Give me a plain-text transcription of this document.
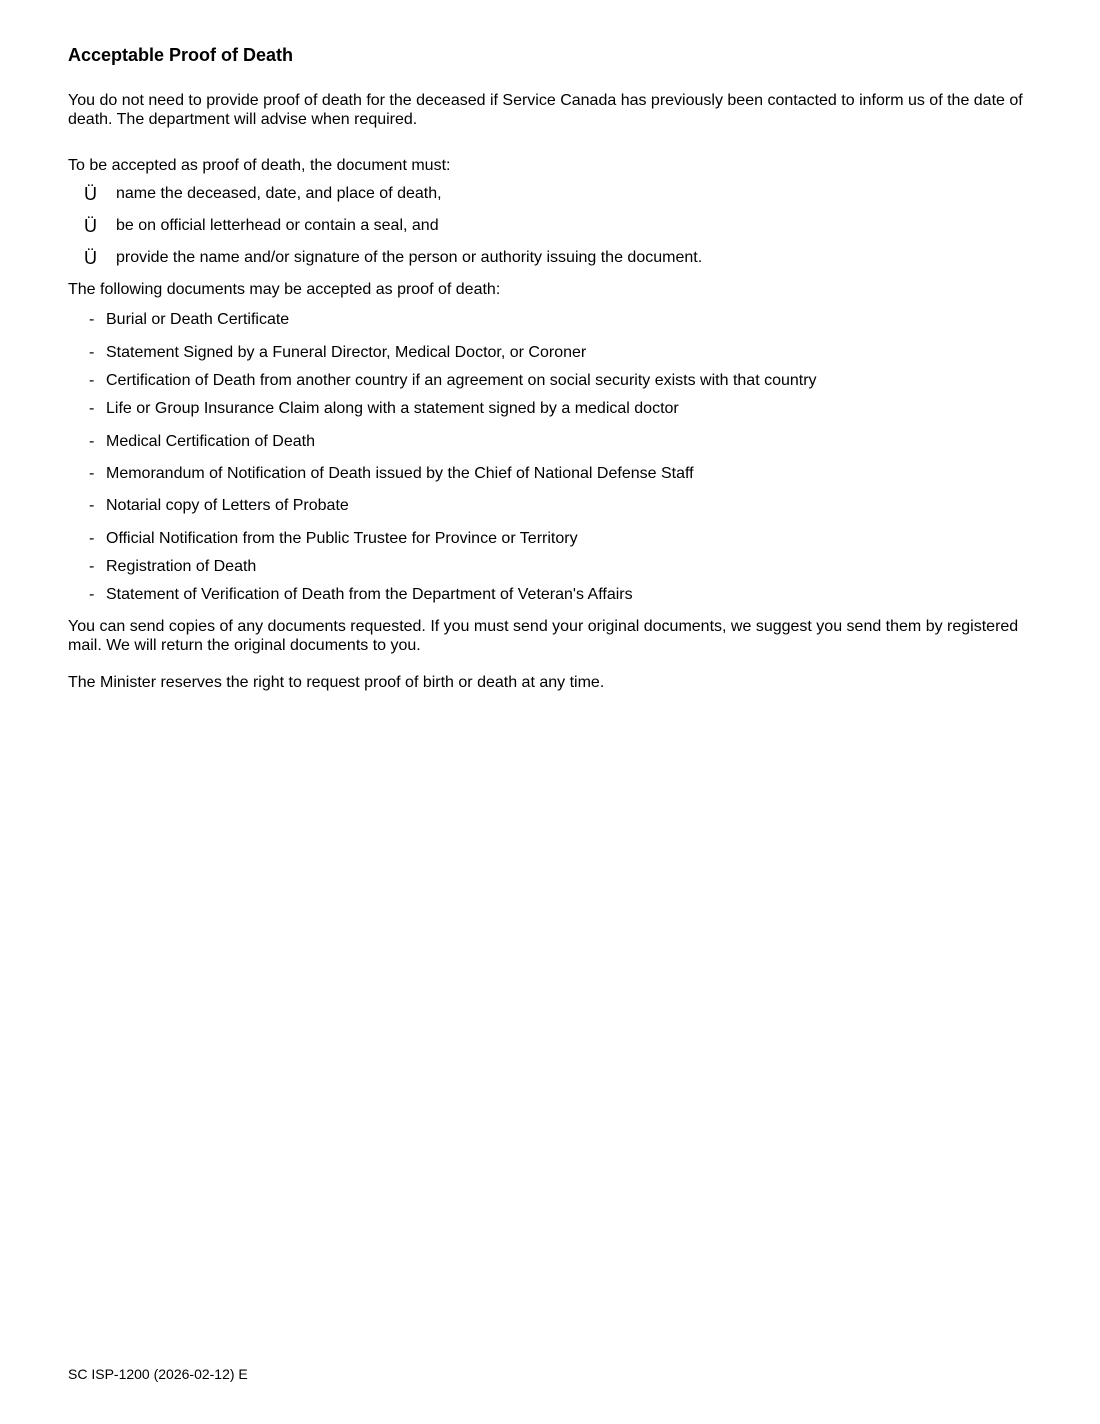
Acceptable Proof of Death

You do not need to provide proof of death for the deceased if Service Canada has previously been contacted to inform us of the date of death. The department will advise when required.

To be accepted as proof of death, the document must:

Ü name the deceased, date, and place of death,
Ü be on official letterhead or contain a seal, and
Ü provide the name and/or signature of the person or authority issuing the document.

The following documents may be accepted as proof of death:

- Burial or Death Certificate
- Statement Signed by a Funeral Director, Medical Doctor, or Coroner
- Certification of Death from another country if an agreement on social security exists with that country
- Life or Group Insurance Claim along with a statement signed by a medical doctor
- Medical Certification of Death
- Memorandum of Notification of Death issued by the Chief of National Defense Staff
- Notarial copy of Letters of Probate
- Official Notification from the Public Trustee for Province or Territory
- Registration of Death
- Statement of Verification of Death from the Department of Veteran's Affairs

You can send copies of any documents requested. If you must send your original documents, we suggest you send them by registered mail. We will return the original documents to you.

The Minister reserves the right to request proof of birth or death at any time.

SC ISP-1200 (2026-02-12) E
